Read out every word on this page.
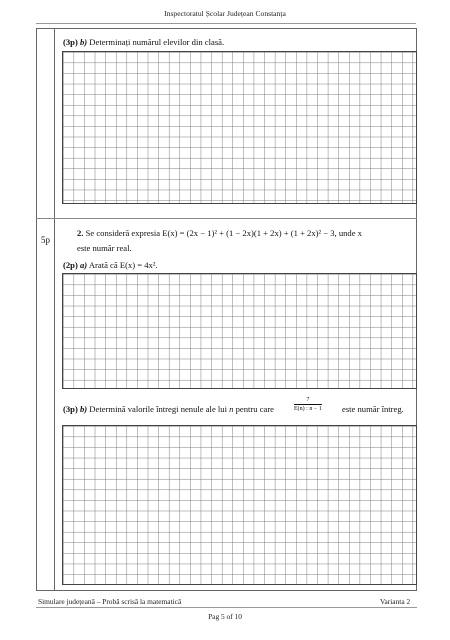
Inspectoratul Școlar Județean Constanța
(3p) b) Determinați numărul elevilor din clasă.
5p
2. Se consideră expresia E(x) = (2x − 1)² + (1 − 2x)(1 + 2x) + (1 + 2x)² − 3, unde x
este număr real.
(2p) a) Arată că E(x) = 4x².
(3p) b) Determină valorile întregi nenule ale lui n pentru care	$\frac{7}{E(n) : n - 1}$ este număr întreg.
Simulare județeană – Probă scrisă la matematică	Varianta 2
Pag 5 of 10
